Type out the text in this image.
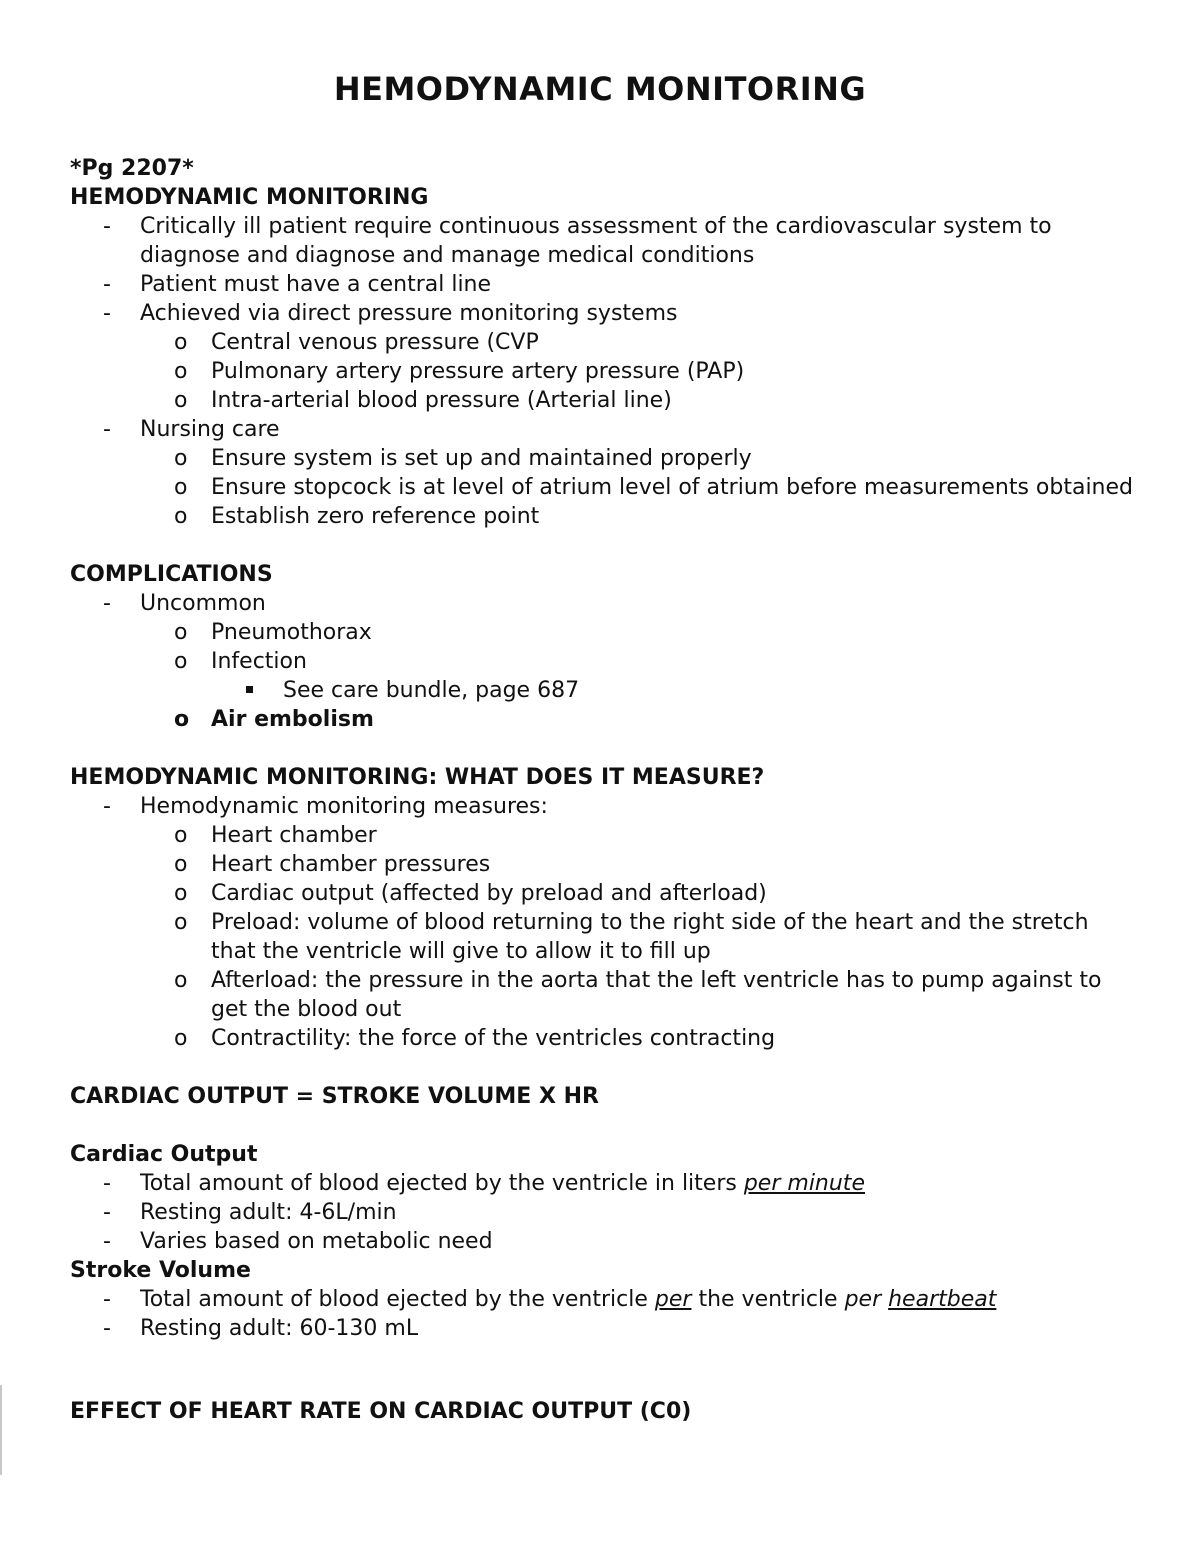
HEMODYNAMIC MONITORING

*Pg 2207*

HEMODYNAMIC MONITORING

-	Critically ill patient require continuous assessment of the cardiovascular system to diagnose and diagnose and manage medical conditions
-	Patient must have a central line
-	Achieved via direct pressure monitoring systems
o	Central venous pressure (CVP
o	Pulmonary artery pressure artery pressure (PAP)
o	Intra-arterial blood pressure (Arterial line)
-	Nursing care
o	Ensure system is set up and maintained properly
o	Ensure stopcock is at level of atrium level of atrium before measurements obtained
o	Establish zero reference point

COMPLICATIONS

-	Uncommon
o	Pneumothorax
o	Infection
See care bundle, page 687
o Air embolism

HEMODYNAMIC MONITORING: WHAT DOES IT MEASURE?

-	Hemodynamic monitoring measures:
o	Heart chamber
o	Heart chamber pressures
o	Cardiac output (affected by preload and afterload)
o	Preload: volume of blood returning to the right side of the heart and the stretch that the ventricle will give to allow it to fill up
o	Afterload: the pressure in the aorta that the left ventricle has to pump against to get the blood out
o	Contractility: the force of the ventricles contracting

CARDIAC OUTPUT = STROKE VOLUME X HR

Cardiac Output

-	Total amount of blood ejected by the ventricle in liters per minute
-	Resting adult: 4-6L/min
-	Varies based on metabolic need

Stroke Volume

-	Total amount of blood ejected by the ventricle per the ventricle per heartbeat
-	Resting adult: 60-130 mL

EFFECT OF HEART RATE ON CARDIAC OUTPUT (C0)
